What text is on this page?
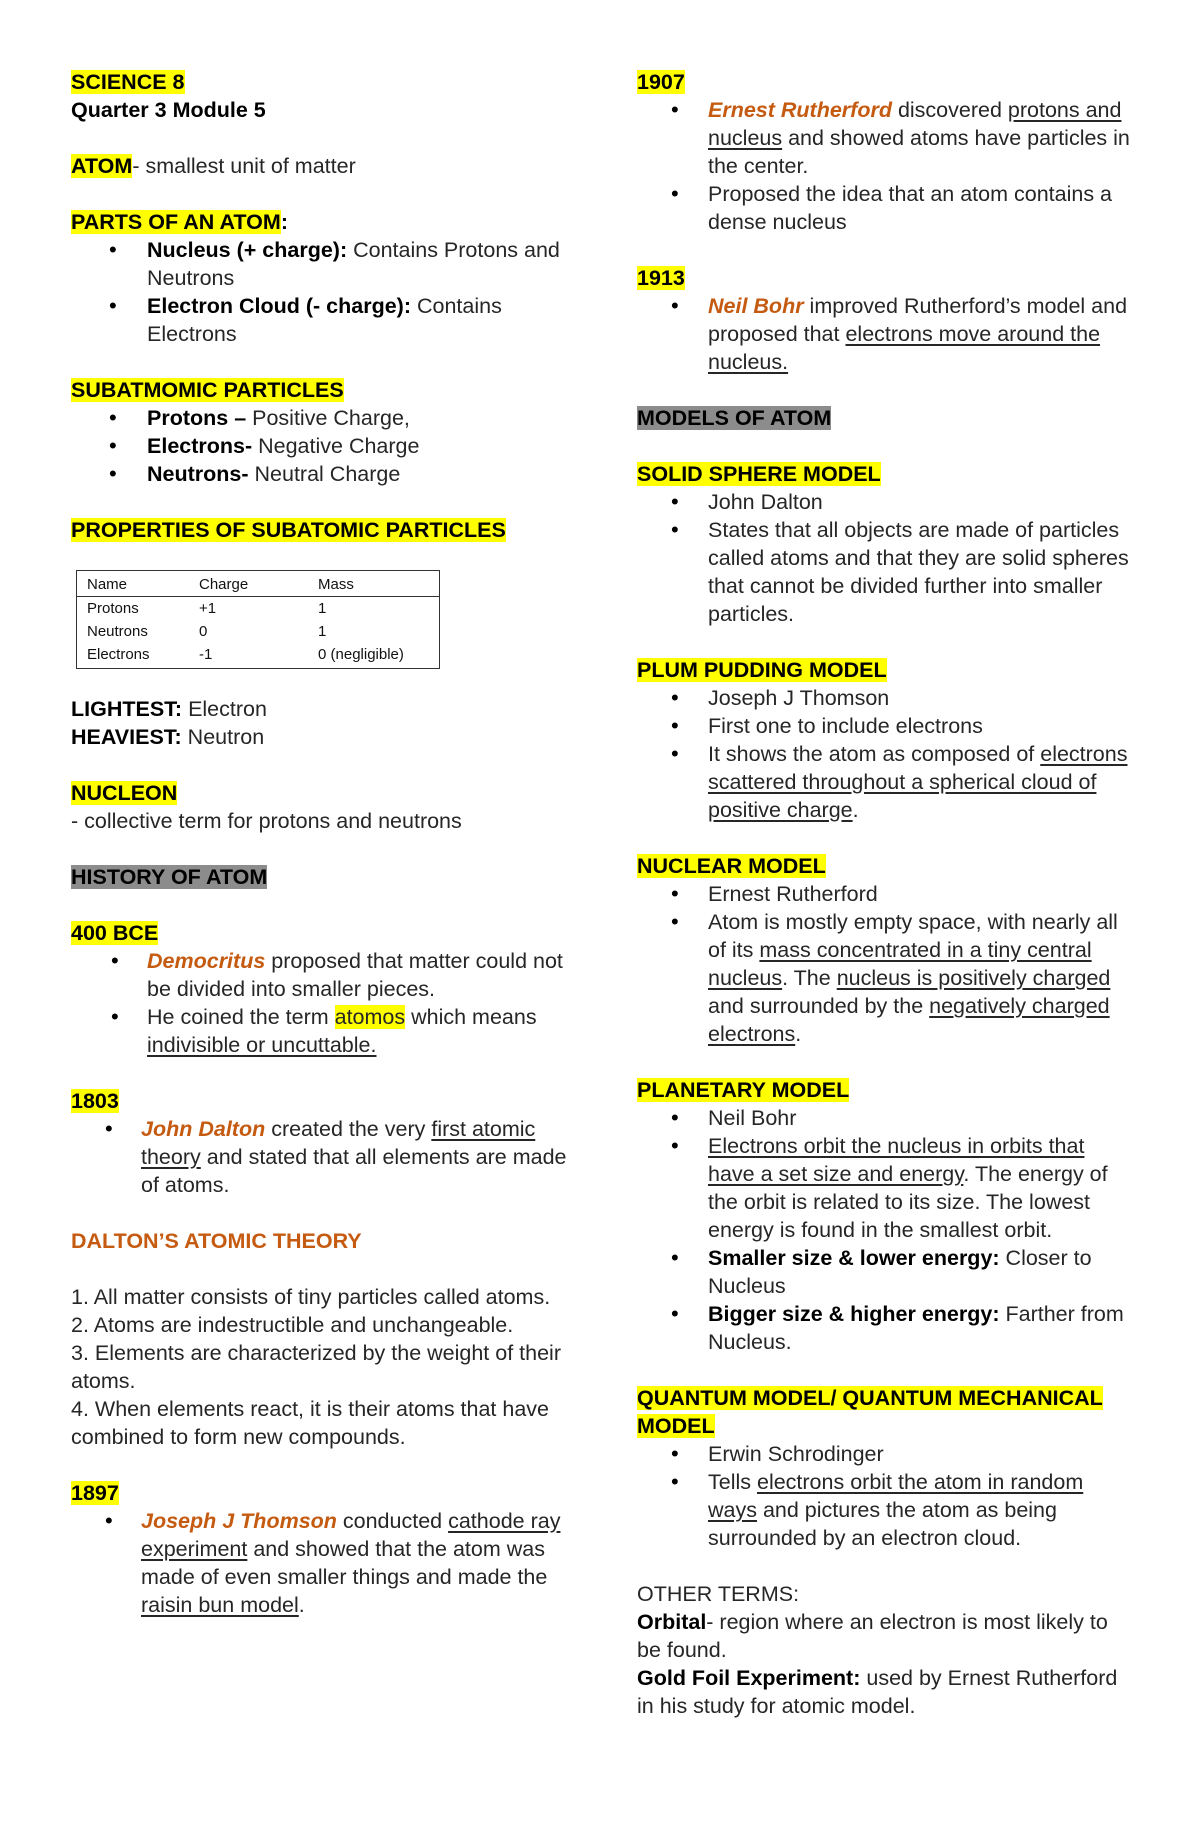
SCIENCE 8
Quarter 3 Module 5
ATOM- smallest unit of matter
PARTS OF AN ATOM:
• Nucleus (+ charge): Contains Protons and Neutrons
• Electron Cloud (- charge): Contains Electrons
SUBATMOMIC PARTICLES
• Protons – Positive Charge,
• Electrons- Negative Charge
• Neutrons- Neutral Charge
PROPERTIES OF SUBATOMIC PARTICLES
Name	Charge	Mass
Protons	+1	1
Neutrons	0	1
Electrons	-1	0 (negligible)
LIGHTEST: Electron
HEAVIEST: Neutron
NUCLEON
- collective term for protons and neutrons
HISTORY OF ATOM
400 BCE
• Democritus proposed that matter could not be divided into smaller pieces.
• He coined the term atomos which means indivisible or uncuttable.
1803
• John Dalton created the very first atomic theory and stated that all elements are made of atoms.
DALTON’S ATOMIC THEORY
1. All matter consists of tiny particles called atoms.
2. Atoms are indestructible and unchangeable.
3. Elements are characterized by the weight of their atoms.
4. When elements react, it is their atoms that have combined to form new compounds.
1897
• Joseph J Thomson conducted cathode ray experiment and showed that the atom was made of even smaller things and made the raisin bun model.
1907
• Ernest Rutherford discovered protons and nucleus and showed atoms have particles in the center.
• Proposed the idea that an atom contains a dense nucleus
1913
• Neil Bohr improved Rutherford’s model and proposed that electrons move around the nucleus.
MODELS OF ATOM
SOLID SPHERE MODEL
• John Dalton
• States that all objects are made of particles called atoms and that they are solid spheres that cannot be divided further into smaller particles.
PLUM PUDDING MODEL
• Joseph J Thomson
• First one to include electrons
• It shows the atom as composed of electrons scattered throughout a spherical cloud of positive charge.
NUCLEAR MODEL
• Ernest Rutherford
• Atom is mostly empty space, with nearly all of its mass concentrated in a tiny central nucleus. The nucleus is positively charged and surrounded by the negatively charged electrons.
PLANETARY MODEL
• Neil Bohr
• Electrons orbit the nucleus in orbits that have a set size and energy. The energy of the orbit is related to its size. The lowest energy is found in the smallest orbit.
• Smaller size & lower energy: Closer to Nucleus
• Bigger size & higher energy: Farther from Nucleus.
QUANTUM MODEL/ QUANTUM MECHANICAL MODEL
• Erwin Schrodinger
• Tells electrons orbit the atom in random ways and pictures the atom as being surrounded by an electron cloud.
OTHER TERMS:
Orbital- region where an electron is most likely to be found.
Gold Foil Experiment: used by Ernest Rutherford in his study for atomic model.
